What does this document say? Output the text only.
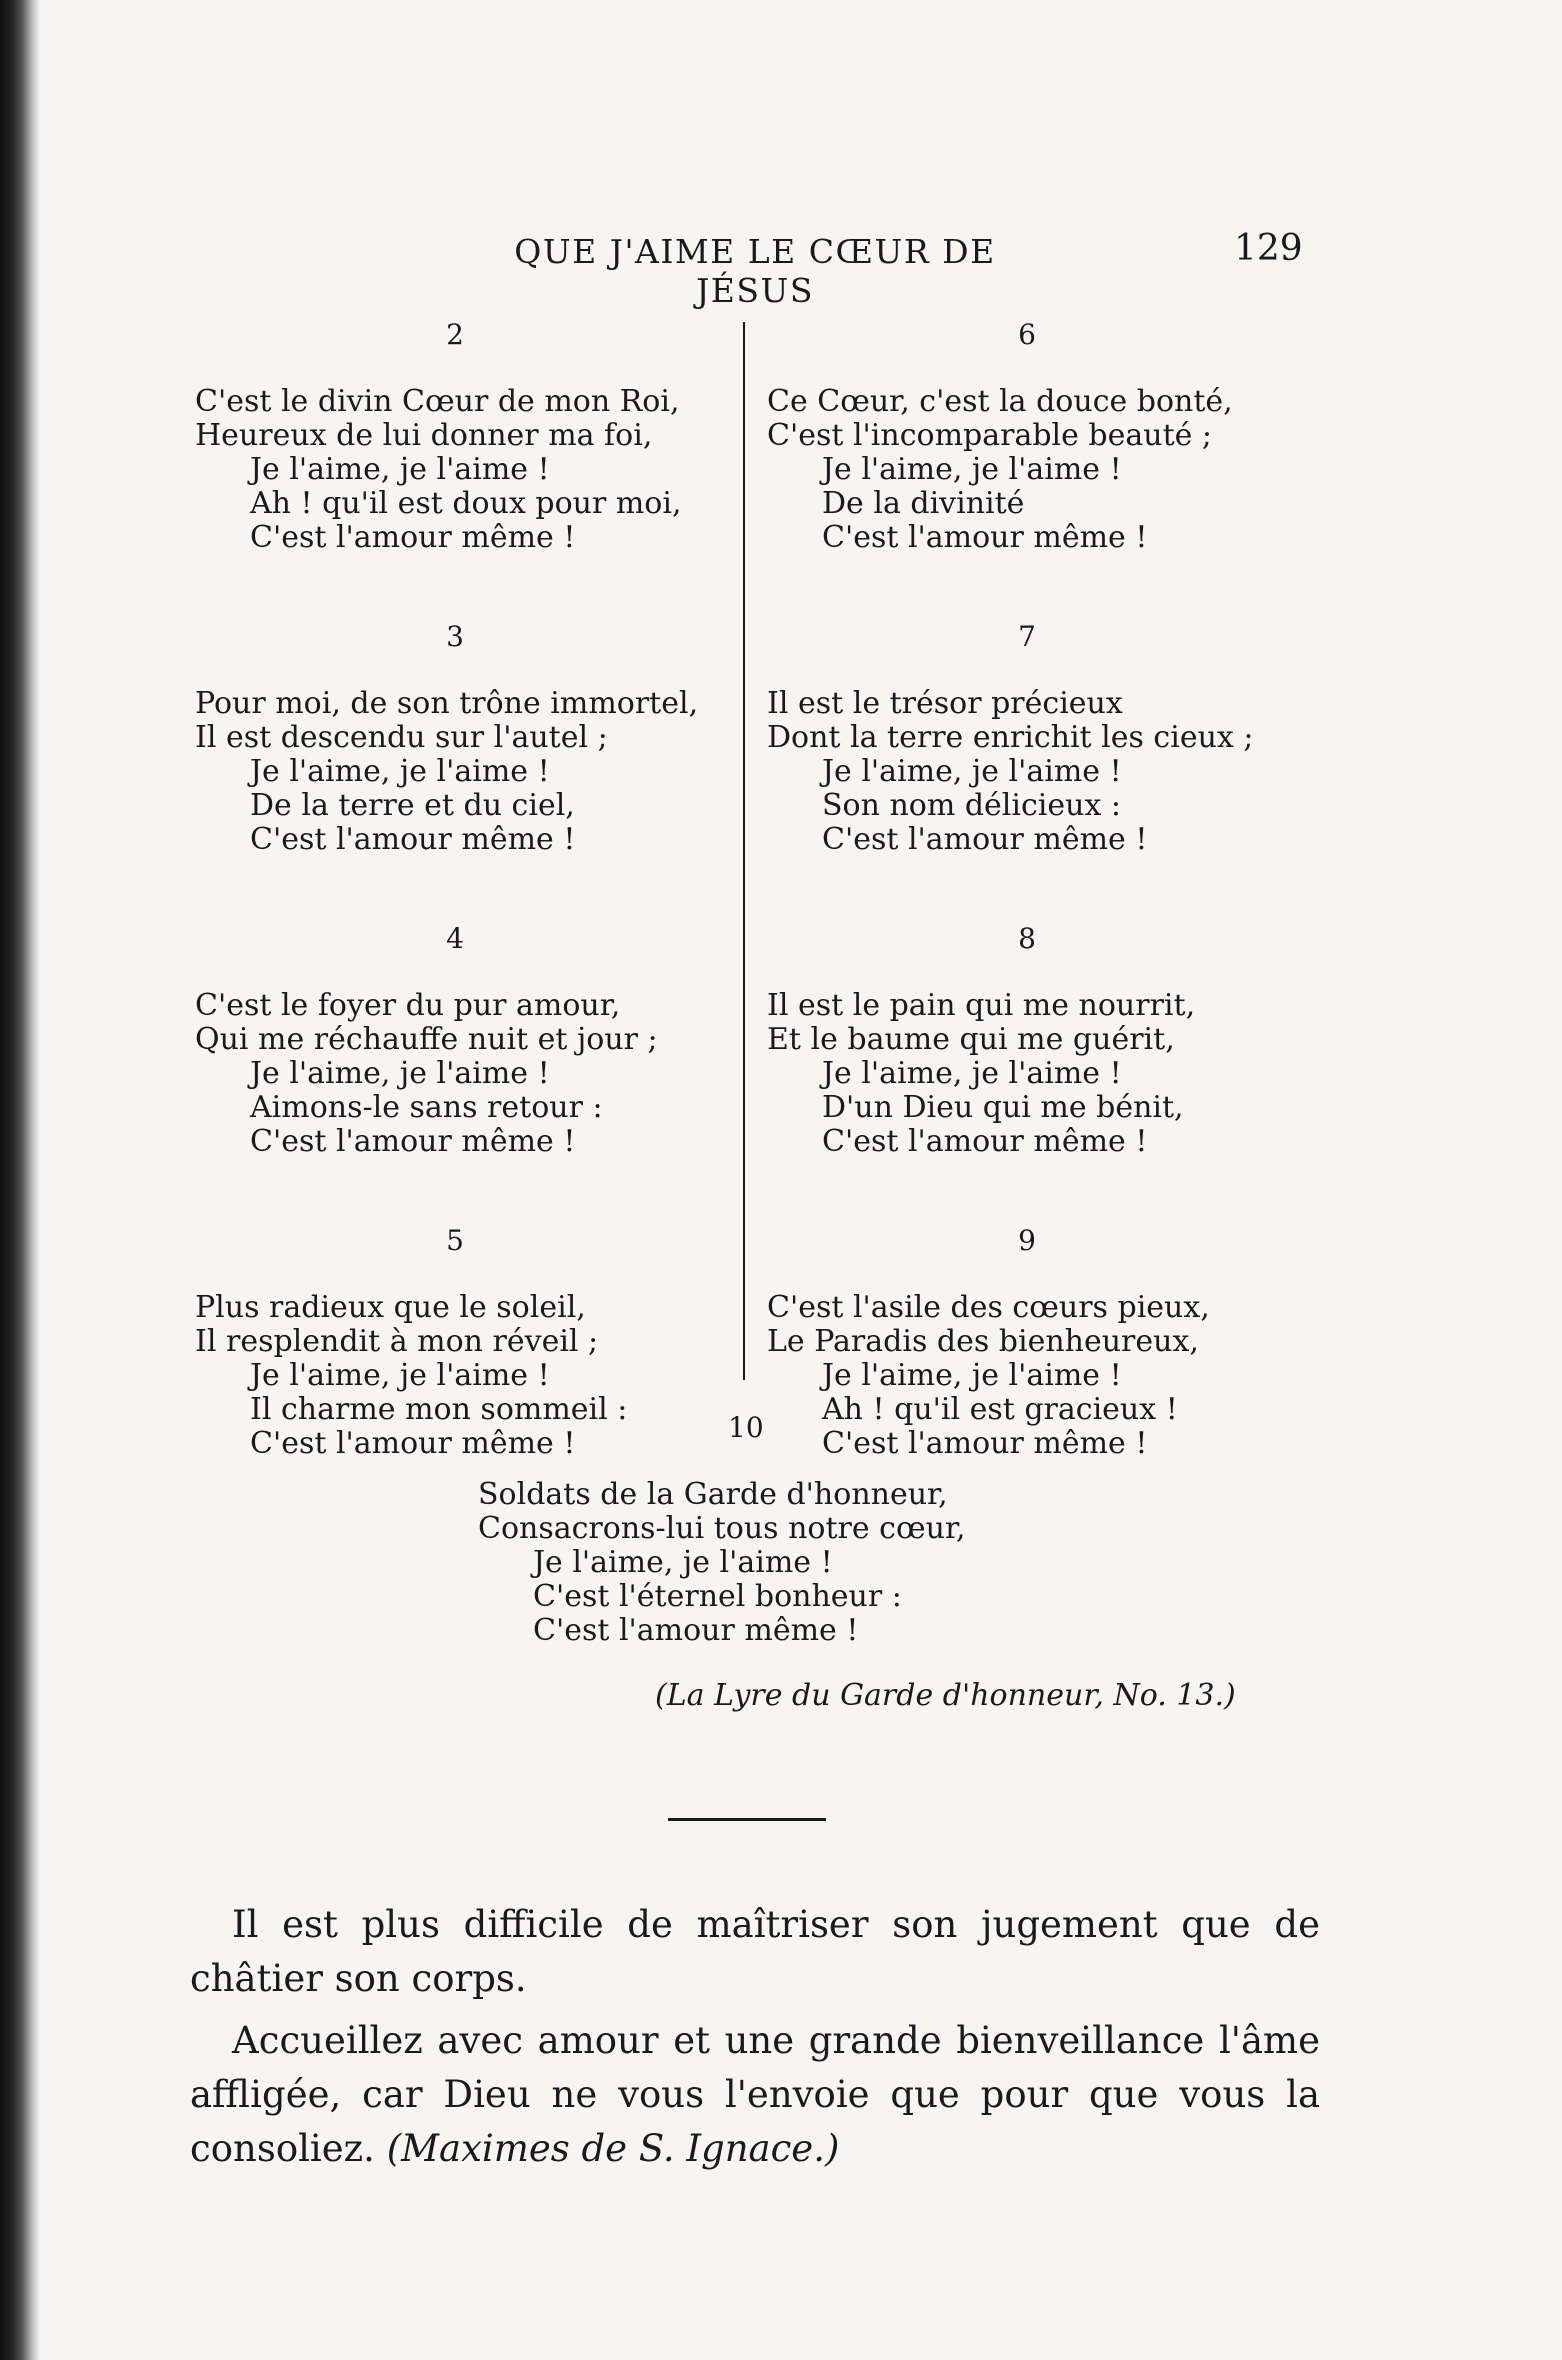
QUE J'AIME LE CŒUR DE JÉSUS
129
2
C'est le divin Cœur de mon Roi,
Heureux de lui donner ma foi,
Je l'aime, je l'aime !
Ah ! qu'il est doux pour moi,
C'est l'amour même !
3
Pour moi, de son trône immortel,
Il est descendu sur l'autel ;
Je l'aime, je l'aime !
De la terre et du ciel,
C'est l'amour même !
4
C'est le foyer du pur amour,
Qui me réchauffe nuit et jour ;
Je l'aime, je l'aime !
Aimons-le sans retour :
C'est l'amour même !
5
Plus radieux que le soleil,
Il resplendit à mon réveil ;
Je l'aime, je l'aime !
Il charme mon sommeil :
C'est l'amour même !
6
Ce Cœur, c'est la douce bonté,
C'est l'incomparable beauté ;
Je l'aime, je l'aime !
De la divinité
C'est l'amour même !
7
Il est le trésor précieux
Dont la terre enrichit les cieux ;
Je l'aime, je l'aime !
Son nom délicieux :
C'est l'amour même !
8
Il est le pain qui me nourrit,
Et le baume qui me guérit,
Je l'aime, je l'aime !
D'un Dieu qui me bénit,
C'est l'amour même !
9
C'est l'asile des cœurs pieux,
Le Paradis des bienheureux,
Je l'aime, je l'aime !
Ah ! qu'il est gracieux !
C'est l'amour même !
10
Soldats de la Garde d'honneur,
Consacrons-lui tous notre cœur,
Je l'aime, je l'aime !
C'est l'éternel bonheur :
C'est l'amour même !
(La Lyre du Garde d'honneur, No. 13.)

Il est plus difficile de maîtriser son jugement que de châtier son corps.

Accueillez avec amour et une grande bienveillance l'âme affligée, car Dieu ne vous l'envoie que pour que vous la consoliez. (Maximes de S. Ignace.)
